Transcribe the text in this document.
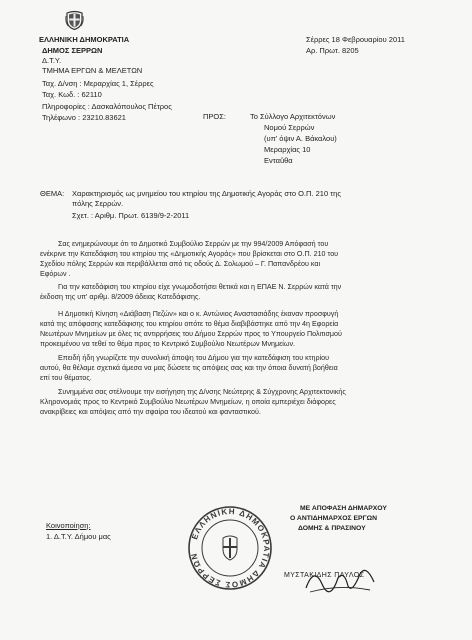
ΕΛΛΗΝΙΚΗ ΔΗΜΟΚΡΑΤΙΑ
ΔΗΜΟΣ ΣΕΡΡΩΝ
Δ.Τ.Υ.
ΤΜΗΜΑ ΕΡΓΩΝ & ΜΕΛΕΤΩΝ
Ταχ. Δ/νση : Μεραρχίας 1, Σέρρες
Ταχ. Κωδ. : 62110
Πληροφορίες : Δασκαλόπουλος Πέτρος
Τηλέφωνο : 23210.83621
Σέρρες 18 Φεβρουαρίου 2011
Αρ. Πρωτ. 8205
ΠΡΟΣ:	Το Σύλλογο Αρχιτεκτόνων
Νομού Σερρών
(υπ' όψιν Α. Βάκαλου)
Μεραρχίας 10
Ενταûθα
ΘΕΜΑ: Χαρακτηρισμός ως μνημείου του κτηρίου της Δημοτικής Αγοράς στο Ο.Π. 210 της
πόλης Σερρών.
Σχετ. : Αριθμ. Πρωτ. 6139/9-2-2011
Σας ενημερώνουμε ότι το Δημοτικό Συμβούλιο Σερρών με την 994/2009 Απόφασή του
ενέκρινε την Κατεδάφιση του κτηρίου της «Δημοτικής Αγοράς» που βρίσκεται στο Ο.Π. 210 του
Σχεδίου πόλης Σερρών και περιβάλλεται από τις οδούς Δ. Σολωμού – Γ. Παπανδρέου και
Εφόρων .
Για την κατεδάφιση του κτηρίου είχε γνωμοδοτήσει θετικά και η ΕΠΑΕ Ν. Σερρών κατά την
έκδοση της υπ' αριθμ. 8/2009 άδειας Κατεδάφισης.
Η Δημοτική Κίνηση «Διάβαση Πεζών» και ο κ. Αντώνιος Αναστασιάδης έκαναν προσφυγή
κατά της απόφασης κατεδάφισης του κτηρίου οπότε το θέμα διαβιβάστηκε από την 4η Εφορεία
Νεωτέρων Μνημείων με όλες τις αντιρρήσεις του Δήμου Σερρών προς το Υπουργείο Πολιτισμού
προκειμένου να τεθεί το θέμα προς το Κεντρικό Συμβούλιο Νεωτέρων Μνημείων.
Επειδή ήδη γνωρίζετε την συνολική άποψη του Δήμου για την κατεδάφιση του κτηρίου
αυτού, θα θέλαμε σχετικά άμεσα να μας δώσετε τις απόψεις σας και την όποια δυνατή βοήθεια
επί του θέματος.
Συνημμένα σας στέλνουμε την εισήγηση της Δ/νσης Νεώτερης & Σύγχρονης Αρχιτεκτονικής
Κληρονομιάς προς το Κεντρικό Συμβούλιο Νεωτέρων Μνημείων, η οποία εμπεριέχει διάφορες
ανακρίβειες και απόψεις από την σφαίρα του ιδεατού και φανταστικού.
ΕΛΛΗΝΙΚΗ ΔΗΜΟΚΡΑΤΙΑ ΔΗΜΟΣ ΣΕΡΡΩΝ
ΜΕ ΑΠΟΦΑΣΗ ΔΗΜΑΡΧΟΥ
Ο ΑΝΤΙΔΗΜΑΡΧΟΣ ΕΡΓΩΝ
ΔΟΜΗΣ & ΠΡΑΣΙΝΟΥ
ΜΥΣΤΑΚΙΔΗΣ ΠΑΥΛΟΣ
Κοινοποίηση:
1. Δ.Τ.Υ. Δήμου μας
